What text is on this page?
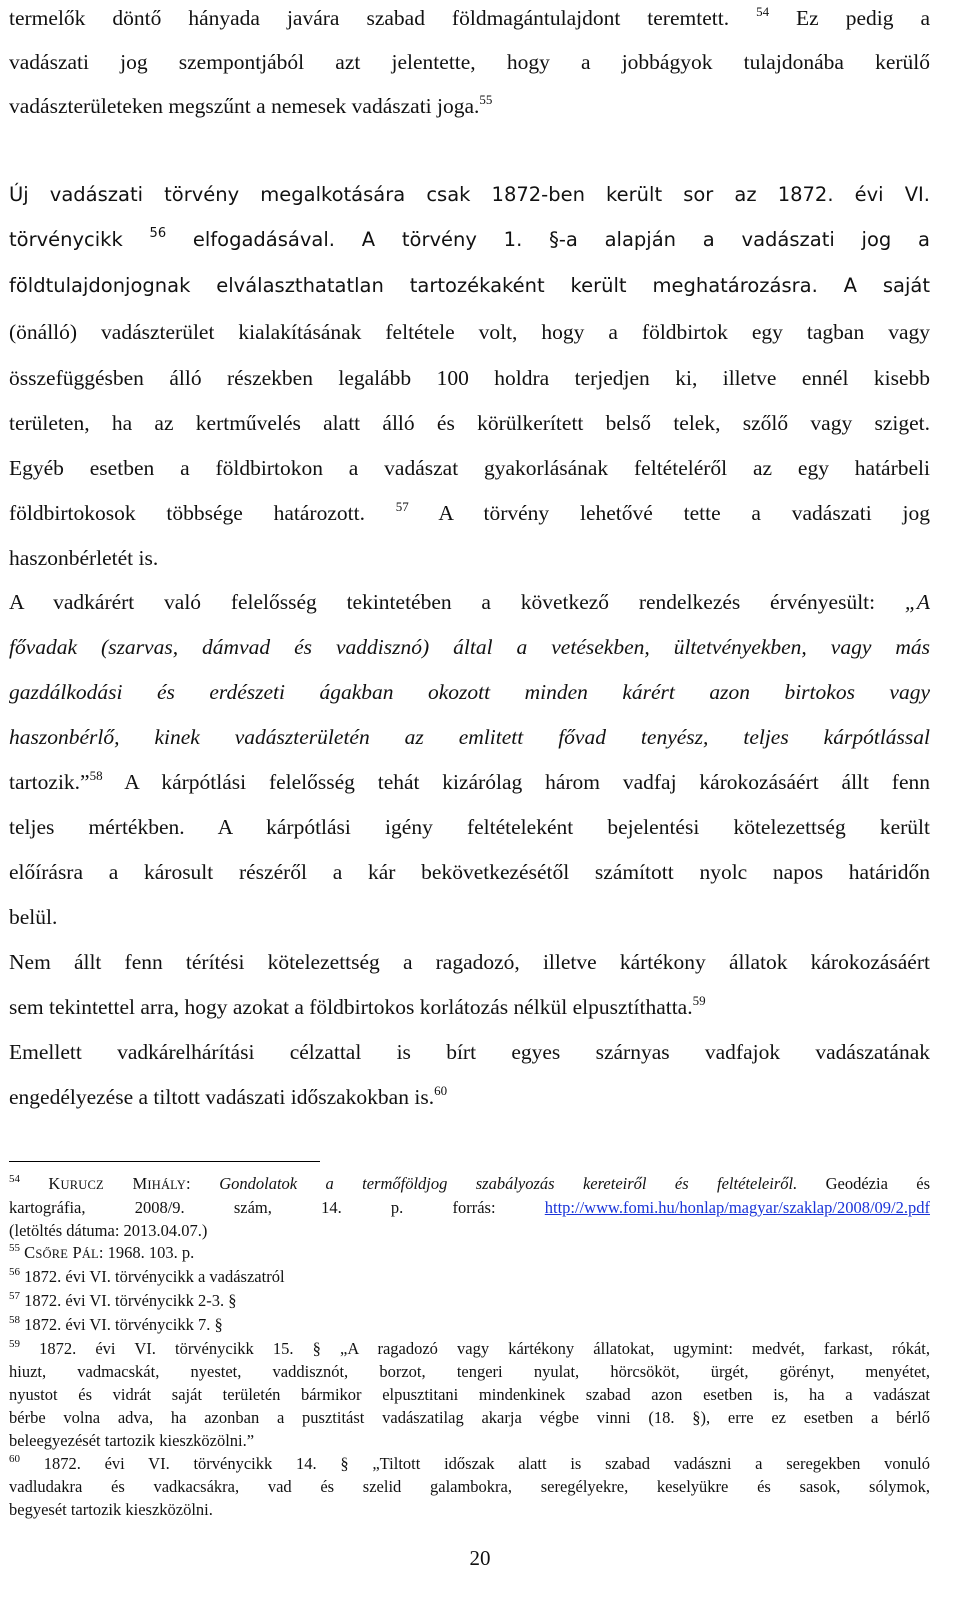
termelők döntő hányada javára szabad földmagántulajdont teremtett. $^{54}$ Ez pedig a
vadászati jog szempontjából azt jelentette, hogy a jobbágyok tulajdonába kerülő
vadászterületeken megszűnt a nemesek vadászati joga.$^{55}$
Új vadászati törvény megalkotására csak 1872-ben került sor az 1872. évi VI.
törvénycikk $^{56}$ elfogadásával. A törvény 1. §-a alapján a vadászati jog a
földtulajdonjognak elválaszthatatlan tartozékaként került meghatározásra. A saját
(önálló) vadászterület kialakításának feltétele volt, hogy a földbirtok egy tagban vagy
összefüggésben álló részekben legalább 100 holdra terjedjen ki, illetve ennél kisebb
területen, ha az kertművelés alatt álló és körülkerített belső telek, szőlő vagy sziget.
Egyéb esetben a földbirtokon a vadászat gyakorlásának feltételéről az egy határbeli
földbirtokosok többsége határozott. $^{57}$ A törvény lehetővé tette a vadászati jog
haszonbérletét is.
A vadkárért való felelősség tekintetében a következő rendelkezés érvényesült: „A
fővadak (szarvas, dámvad és vaddisznó) által a vetésekben, ültetvényekben, vagy más
gazdálkodási és erdészeti ágakban okozott minden kárért azon birtokos vagy
haszonbérlő, kinek vadászterületén az emlitett fővad tenyész, teljes kárpótlással
tartozik.”$^{58}$ A kárpótlási felelősség tehát kizárólag három vadfaj károkozásáért állt fenn
teljes mértékben. A kárpótlási igény feltételeként bejelentési kötelezettség került
előírásra a károsult részéről a kár bekövetkezésétől számított nyolc napos határidőn
belül.
Nem állt fenn térítési kötelezettség a ragadozó, illetve kártékony állatok károkozásáért
sem tekintettel arra, hogy azokat a földbirtokos korlátozás nélkül elpusztíthatta.$^{59}$
Emellett vadkárelhárítási célzattal is bírt egyes szárnyas vadfajok vadászatának
engedélyezése a tiltott vadászati időszakokban is.$^{60}$
$^{54}$ KURUCZ MIHÁLY: Gondolatok a termőföldjog szabályozás kereteiről és feltételeiről. Geodézia és
kartográfia, 2008/9. szám, 14. p. forrás:	http://www.fomi.hu/honlap/magyar/szaklap/2008/09/2.pdf
(letöltés dátuma: 2013.04.07.)
$^{55}$ CSŐRE PÁL: 1968. 103. p.
$^{56}$ 1872. évi VI. törvénycikk a vadászatról
$^{57}$ 1872. évi VI. törvénycikk 2-3. §
$^{58}$ 1872. évi VI. törvénycikk 7. §
$^{59}$ 1872. évi VI. törvénycikk 15. § „A ragadozó vagy kártékony állatokat, ugymint: medvét, farkast, rókát,
hiuzt, vadmacskát, nyestet, vaddisznót, borzot, tengeri nyulat, hörcsököt, ürgét, görényt, menyétet,
nyustot és vidrát saját területén bármikor elpusztitani mindenkinek szabad azon esetben is, ha a vadászat
bérbe volna adva, ha azonban a pusztitást vadászatilag akarja végbe vinni (18. §), erre ez esetben a bérlő
beleegyezését tartozik kieszközölni.”
$^{60}$ 1872. évi VI. törvénycikk 14. § „Tiltott időszak alatt is szabad vadászni a seregekben vonuló
vadludakra és vadkacsákra, vad és szelid galambokra, seregélyekre, keselyükre és sasok, sólymok,
begyesét tartozik kieszközölni.
20
